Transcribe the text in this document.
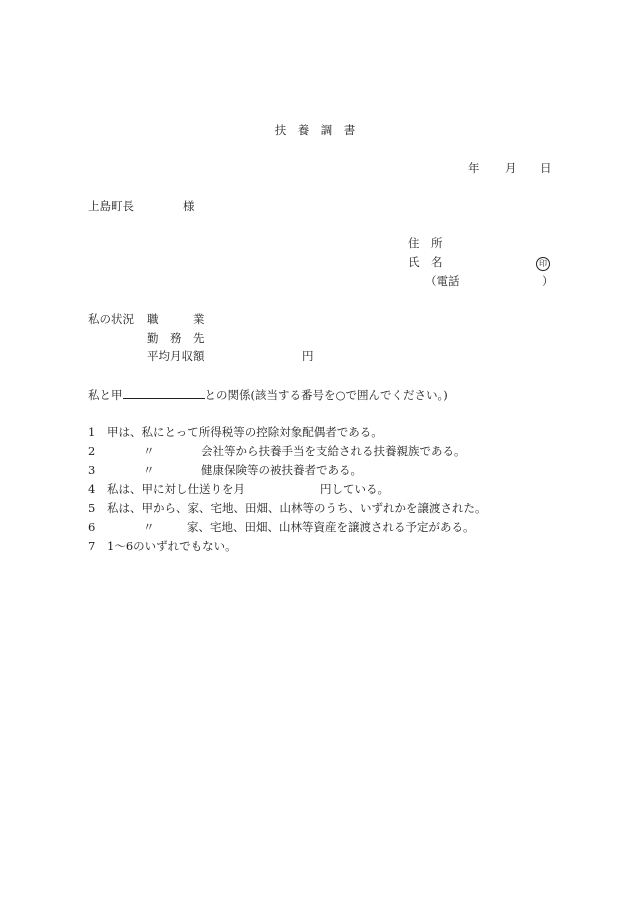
扶　養　調　書
年 月 日
上島町長	様
住　所
氏　名	印
（電話	）
私の状況 職　　　業
勤　務　先
平均月収額	円
私と甲	との関係(該当する番号を○で囲んでください。)
1 甲は、私にとって所得税等の控除対象配偶者である。
2	〃	会社等から扶養手当を支給される扶養親族である。
3	〃	健康保険等の被扶養者である。
4 私は、甲に対し仕送りを月	円している。
5 私は、甲から、家、宅地、田畑、山林等のうち、いずれかを譲渡された。
6	〃	家、宅地、田畑、山林等資産を譲渡される予定がある。
7 1〜6のいずれでもない。
